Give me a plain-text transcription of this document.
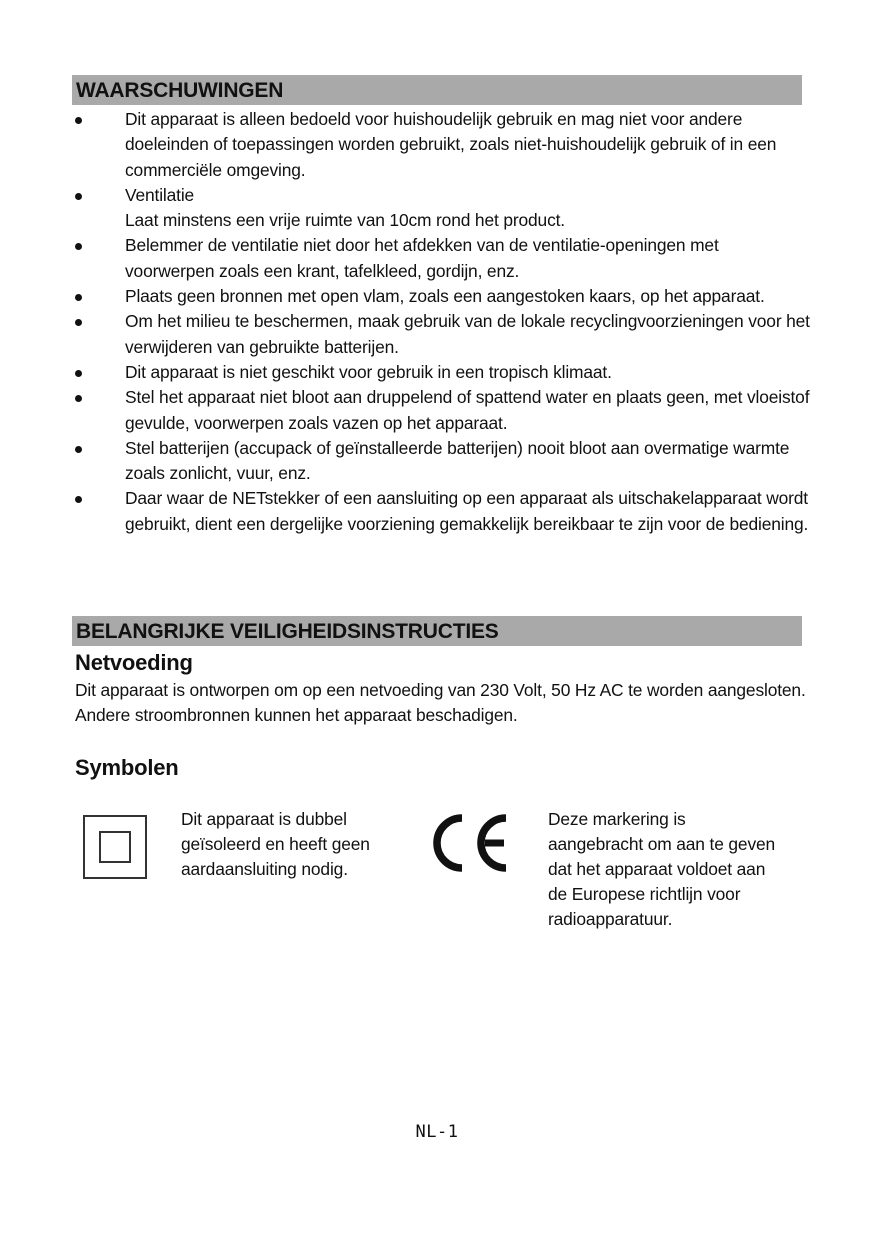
WAARSCHUWINGEN
Dit apparaat is alleen bedoeld voor huishoudelijk gebruik en mag niet voor andere doeleinden of toepassingen worden gebruikt, zoals niet-huishoudelijk gebruik of in een commerciële omgeving.
Ventilatie
Laat minstens een vrije ruimte van 10cm rond het product.
Belemmer de ventilatie niet door het afdekken van de ventilatie-openingen met voorwerpen zoals een krant, tafelkleed, gordijn, enz.
Plaats geen bronnen met open vlam, zoals een aangestoken kaars, op het apparaat.
Om het milieu te beschermen, maak gebruik van de lokale recyclingvoorzieningen voor het verwijderen van gebruikte batterijen.
Dit apparaat is niet geschikt voor gebruik in een tropisch klimaat.
Stel het apparaat niet bloot aan druppelend of spattend water en plaats geen, met vloeistof gevulde, voorwerpen zoals vazen op het apparaat.
Stel batterijen (accupack of geïnstalleerde batterijen) nooit bloot aan overmatige warmte zoals zonlicht, vuur, enz.
Daar waar de NETstekker of een aansluiting op een apparaat als uitschakelapparaat wordt gebruikt, dient een dergelijke voorziening gemakkelijk bereikbaar te zijn voor de bediening.
BELANGRIJKE VEILIGHEIDSINSTRUCTIES
Netvoeding
Dit apparaat is ontworpen om op een netvoeding van 230 Volt, 50 Hz AC te worden aangesloten. Andere stroombronnen kunnen het apparaat beschadigen.
Symbolen
Dit apparaat is dubbel geïsoleerd en heeft geen aardaansluiting nodig.
Deze markering is aangebracht om aan te geven dat het apparaat voldoet aan de Europese richtlijn voor radioapparatuur.
NL-1
